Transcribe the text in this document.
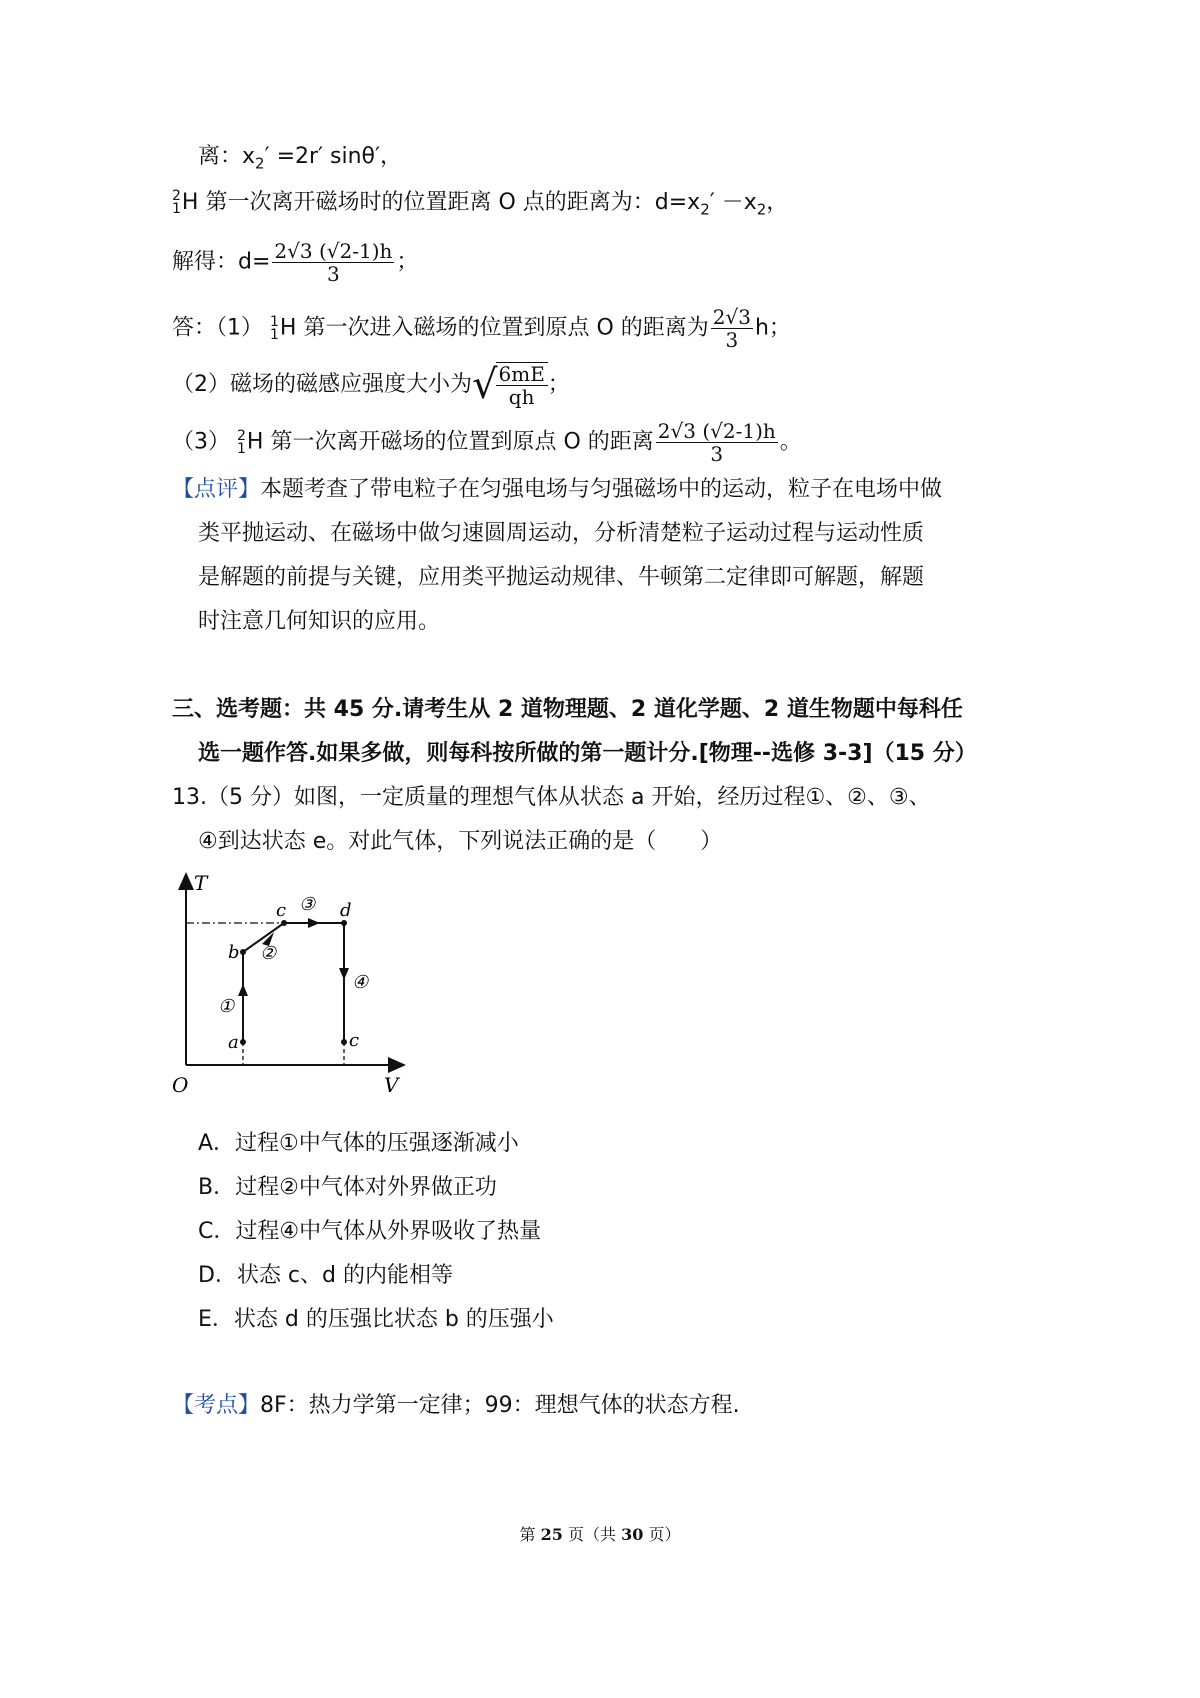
离：$x_2' =2r'$ sinθ′，
2
1 H 第一次离开磁场时的位置距离 O 点的距离为：$d=x_2' -x_2$，
解得：$d= \frac{2√3 (√2-1)h}{3}$ ；
答：（1） 1
1 H 第一次进入磁场的位置到原点 O 的距离为 $\frac{2√3}{3}$ h；
（2）磁场的磁感应强度大小为√
$\frac{6mE}{qh}$ ；
（3） 2
1 H 第一次离开磁场的位置到原点 O 的距离 $\frac{2√3 (√2-1)h}{3}$ 。
【点评】本题考查了带电粒子在匀强电场与匀强磁场中的运动，粒子在电场中做
类平抛运动、在磁场中做匀速圆周运动，分析清楚粒子运动过程与运动性质
是解题的前提与关键，应用类平抛运动规律、牛顿第二定律即可解题，解题
时注意几何知识的应用。
三、选考题：共 45 分.请考生从 2 道物理题、2 道化学题、2 道生物题中每科任
选一题作答.如果多做，则每科按所做的第一题计分.[物理--选修 3-3]（15 分）
13.（5 分）如图，一定质量的理想气体从状态 a 开始，经历过程①、②、③、
④到达状态 e。对此气体，下列说法正确的是（　　）
T
V
O
a
b
c	d
c
①
②
③
④
A．过程①中气体的压强逐渐减小
B．过程②中气体对外界做正功
C．过程④中气体从外界吸收了热量
D．状态 c、d 的内能相等
E．状态 d 的压强比状态 b 的压强小
【考点】8F：热力学第一定律；99：理想气体的状态方程.
第 25 页（共 30 页）
